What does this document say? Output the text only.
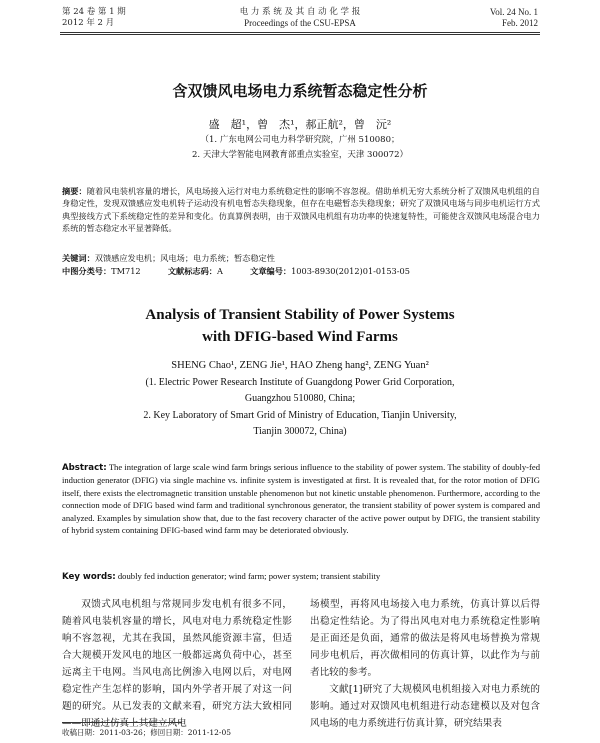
第 24 卷 第 1 期
2012 年 2 月
电 力 系 统 及 其 自 动 化 学 报
Proceedings of the CSU-EPSA
Vol. 24 No. 1
Feb. 2012
含双馈风电场电力系统暂态稳定性分析
盛　超¹，曾　杰¹，郝正航²，曾　沅²
（1. 广东电网公司电力科学研究院，广州 510080；
2. 天津大学智能电网教育部重点实验室，天津 300072）
摘要：随着风电装机容量的增长，风电场接入运行对电力系统稳定性的影响不容忽视。借助单机无穷大系统分析了双馈风电机组的自身稳定性，发现双馈感应发电机转子运动没有机电暂态失稳现象，但存在电磁暂态失稳现象；研究了双馈风电场与同步电机运行方式典型接线方式下系统稳定性的差异和变化。仿真算例表明，由于双馈风电机组有功功率的快速复特性，可能使含双馈风电场混合电力系统的暂态稳定水平显著降低。
关键词：双馈感应发电机；风电场；电力系统；暂态稳定性
中图分类号：TM712	文献标志码：A	文章编号：1003-8930(2012)01-0153-05
Analysis of Transient Stability of Power Systems
with DFIG-based Wind Farms
SHENG Chao¹, ZENG Jie¹, HAO Zheng hang², ZENG Yuan²
(1. Electric Power Research Institute of Guangdong Power Grid Corporation,
Guangzhou 510080, China;
2. Key Laboratory of Smart Grid of Ministry of Education, Tianjin University,
Tianjin 300072, China)
Abstract: The integration of large scale wind farm brings serious influence to the stability of power system. The stability of doubly-fed induction generator (DFIG) via single machine vs. infinite system is investigated at first. It is revealed that, for the rotor motion of DFIG itself, there exists the electromagnetic transition unstable phenomenon but not kinetic unstable phenomenon. Furthermore, according to the connection mode of DFIG based wind farm and traditional synchronous generator, the transient stability of power system is compared and analyzed. Examples by simulation show that, due to the fast recovery character of the active power output by DFIG, the transient stability of hybrid system containing DFIG-based wind farm may be deteriorated obviously.
Key words: doubly fed induction generator; wind farm; power system; transient stability

双馈式风电机组与常规同步发电机有很多不同，随着风电装机容量的增长，风电对电力系统稳定性影响不容忽视，尤其在我国，虽然风能资源丰富，但适合大规模开发风电的地区一般都远离负荷中心，甚至远离主干电网。当风电高比例渗入电网以后，对电网稳定性产生怎样的影响，国内外学者开展了对这一问题的研究。从已发表的文献来看，研究方法大致相同——即通过仿真上其建立风电

场模型，再将风电场接入电力系统，仿真计算以后得出稳定性结论。为了得出风电对电力系统稳定性影响是正面还是负面，通常的做法是将风电场替换为常规同步电机后，再次做相同的仿真计算，以此作为与前者比较的参考。

文献[1]研究了大规模风电机组接入对电力系统的影响。通过对双馈风电机组进行动态建模以及对包含风电场的电力系统进行仿真计算，研究结果表

收稿日期：2011-03-26；修回日期：2011-12-05
